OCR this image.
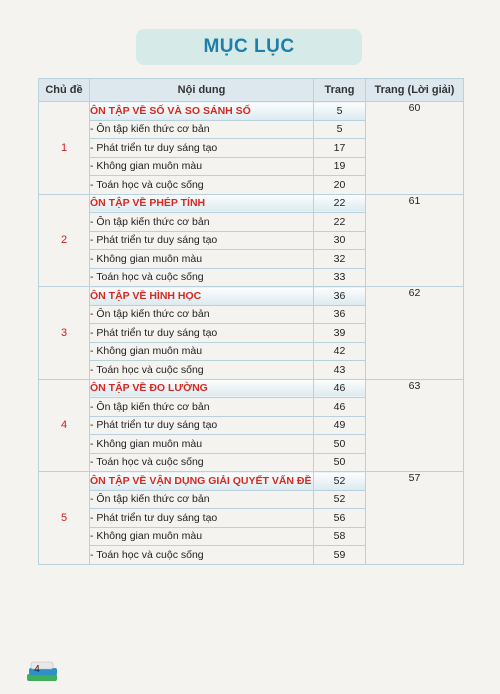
MỤC LỤC
Chủ đề	Nội dung	Trang	Trang (Lời giải)
1	ÔN TẬP VỀ SỐ VÀ SO SÁNH SỐ	5	60
	- Ôn tập kiến thức cơ bản	5	
	- Phát triển tư duy sáng tạo	17	
	- Không gian muôn màu	19	
	- Toán học và cuộc sống	20	
2	ÔN TẬP VỀ PHÉP TÍNH	22	61
	- Ôn tập kiến thức cơ bản	22	
	- Phát triển tư duy sáng tạo	30	
	- Không gian muôn màu	32	
	- Toán học và cuộc sống	33	
3	ÔN TẬP VỀ HÌNH HỌC	36	62
	- Ôn tập kiến thức cơ bản	36	
	- Phát triển tư duy sáng tạo	39	
	- Không gian muôn màu	42	
	- Toán học và cuộc sống	43	
4	ÔN TẬP VỀ ĐO LƯỜNG	46	63
	- Ôn tập kiến thức cơ bản	46	
	- Phát triển tư duy sáng tạo	49	
	- Không gian muôn màu	50	
	- Toán học và cuộc sống	50	
5	ÔN TẬP VỀ VẬN DỤNG GIẢI QUYẾT VẤN ĐỀ	52	57
	- Ôn tập kiến thức cơ bản	52	
	- Phát triển tư duy sáng tạo	56	
	- Không gian muôn màu	58	
	- Toán học và cuộc sống	59	
4
